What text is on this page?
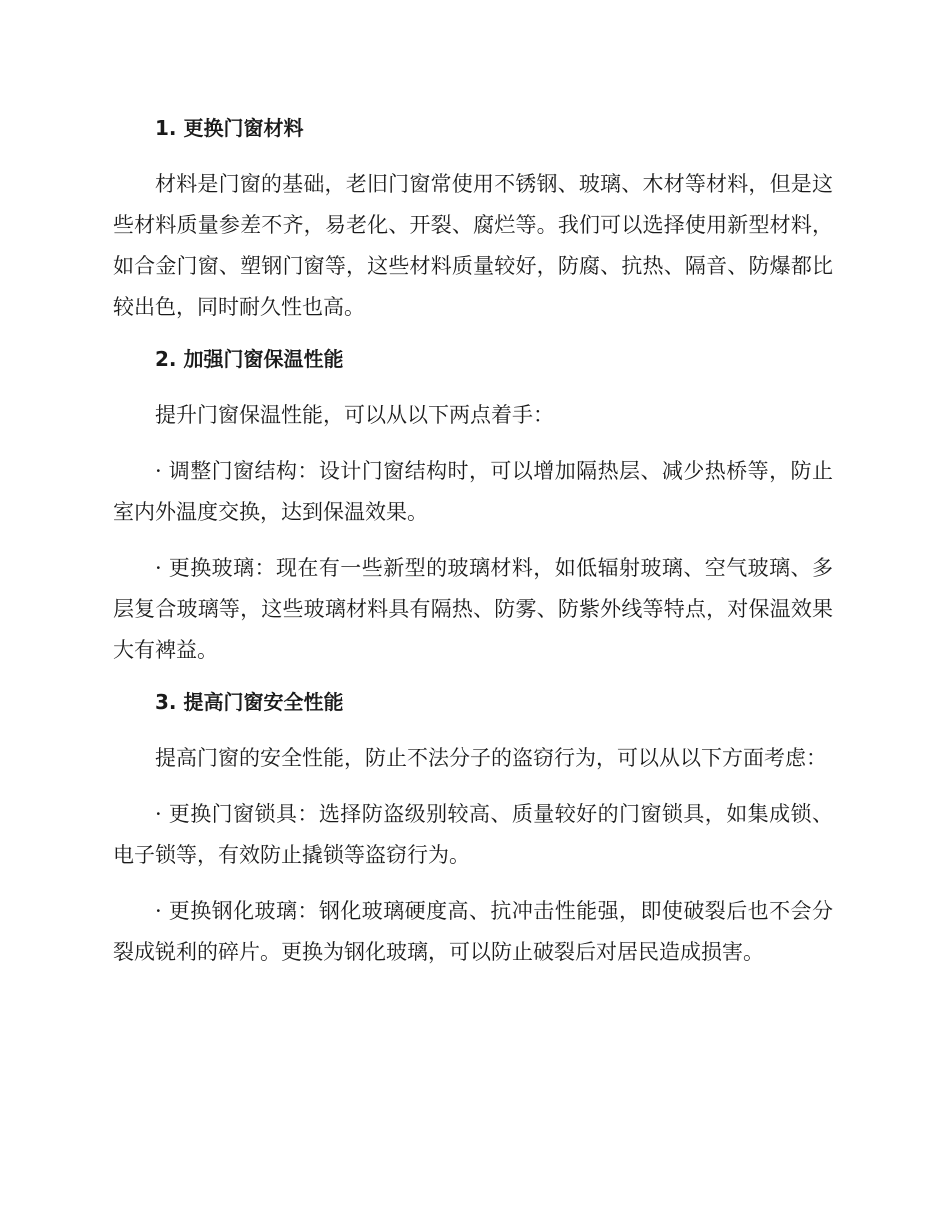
1. 更换门窗材料

材料是门窗的基础，老旧门窗常使用不锈钢、玻璃、木材等材料，但是这些材料质量参差不齐，易老化、开裂、腐烂等。我们可以选择使用新型材料，如合金门窗、塑钢门窗等，这些材料质量较好，防腐、抗热、隔音、防爆都比较出色，同时耐久性也高。

2. 加强门窗保温性能

提升门窗保温性能，可以从以下两点着手：

· 调整门窗结构：设计门窗结构时，可以增加隔热层、减少热桥等，防止室内外温度交换，达到保温效果。

· 更换玻璃：现在有一些新型的玻璃材料，如低辐射玻璃、空气玻璃、多层复合玻璃等，这些玻璃材料具有隔热、防雾、防紫外线等特点，对保温效果大有裨益。

3. 提高门窗安全性能

提高门窗的安全性能，防止不法分子的盗窃行为，可以从以下方面考虑：

· 更换门窗锁具：选择防盗级别较高、质量较好的门窗锁具，如集成锁、电子锁等，有效防止撬锁等盗窃行为。

· 更换钢化玻璃：钢化玻璃硬度高、抗冲击性能强，即使破裂后也不会分裂成锐利的碎片。更换为钢化玻璃，可以防止破裂后对居民造成损害。
